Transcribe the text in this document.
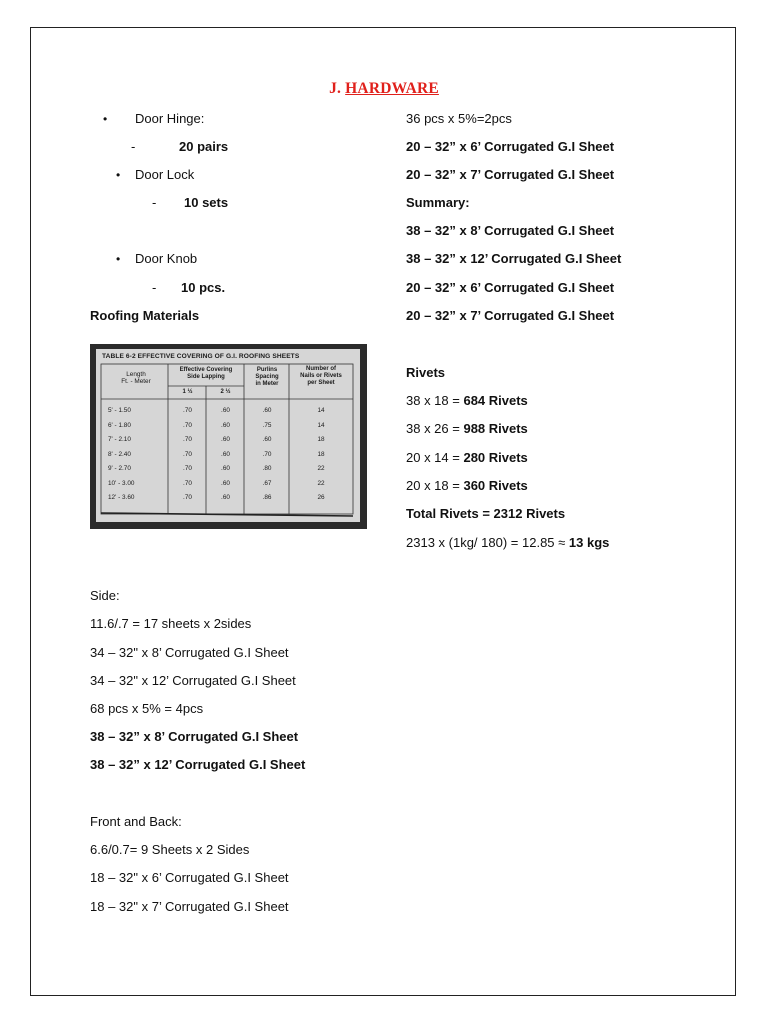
J. HARDWARE
• Door Hinge:
-	20 pairs
• Door Lock
- 10 sets
• Door Knob
- 10 pcs.
Roofing Materials
36 pcs x 5%=2pcs
20 – 32” x 6’ Corrugated G.I Sheet
20 – 32” x 7’ Corrugated G.I Sheet
Summary:
38 – 32” x 8’ Corrugated G.I Sheet
38 – 32” x 12’ Corrugated G.I Sheet
20 – 32” x 6’ Corrugated G.I Sheet
20 – 32” x 7’ Corrugated G.I Sheet
Rivets
38 x 18 = 684 Rivets
38 x 26 = 988 Rivets
20 x 14 = 280 Rivets
20 x 18 = 360 Rivets
Total Rivets = 2312 Rivets
2313 x (1kg/ 180) = 12.85 ≈ 13 kgs
TABLE 6-2 EFFECTIVE COVERING OF G.I. ROOFING SHEETS
Length
Ft. - Meter
Effective Covering
Side Lapping
1 ½	2 ½
Purlins
Spacing
in Meter
Number of
Nails or Rivets
per Sheet
5' - 1.50	.70	.60	.60	14
6' - 1.80	.70	.60	.75	14
7' - 2.10	.70	.60	.60	18
8' - 2.40	.70	.60	.70	18
9' - 2.70	.70	.60	.80	22
10' - 3.00	.70	.60	.67	22
12' - 3.60	.70	.60	.86	26
Side:
11.6/.7 = 17 sheets x 2sides
34 – 32" x 8’ Corrugated G.I Sheet
34 – 32" x 12’ Corrugated G.I Sheet
68 pcs x 5% = 4pcs
38 – 32” x 8’ Corrugated G.I Sheet
38 – 32” x 12’ Corrugated G.I Sheet
Front and Back:
6.6/0.7= 9 Sheets x 2 Sides
18 – 32" x 6’ Corrugated G.I Sheet
18 – 32" x 7’ Corrugated G.I Sheet
